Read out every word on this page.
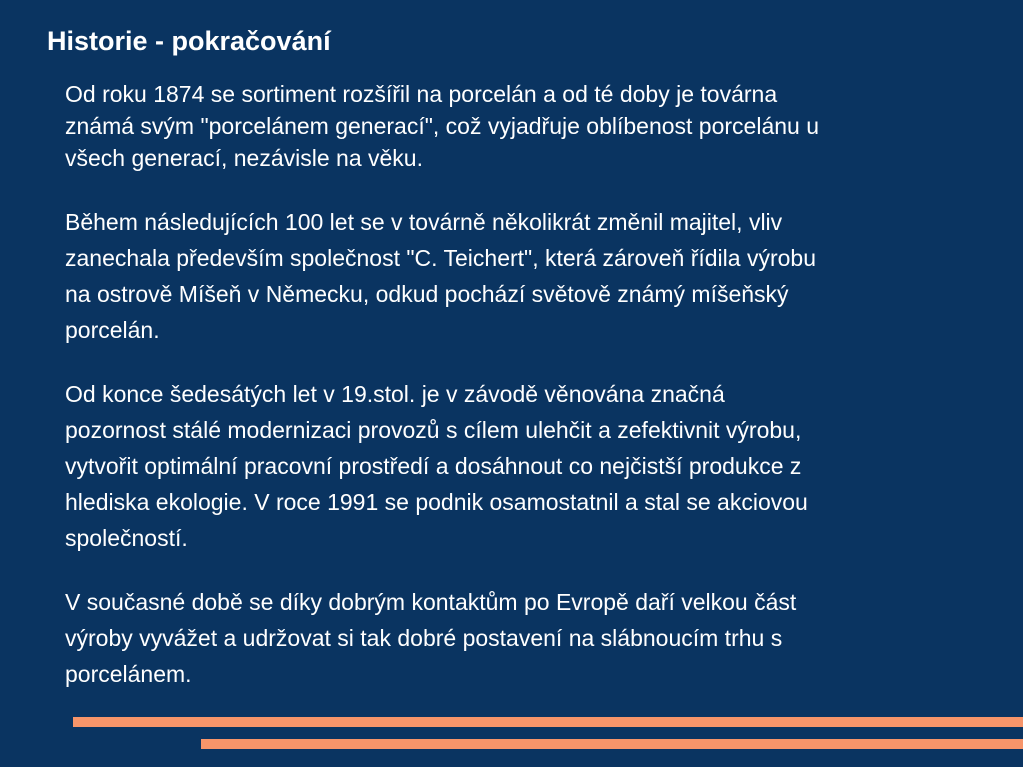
Historie - pokračování

Od roku 1874 se sortiment rozšířil na porcelán a od té doby je továrna
známá svým "porcelánem generací", což vyjadřuje oblíbenost porcelánu u
všech generací, nezávisle na věku.

Během následujících 100 let se v továrně několikrát změnil majitel, vliv
zanechala především společnost "C. Teichert", která zároveň řídila výrobu
na ostrově Míšeň v Německu, odkud pochází světově známý míšeňský
porcelán.

Od konce šedesátých let v 19.stol. je v závodě věnována značná
pozornost stálé modernizaci provozů s cílem ulehčit a zefektivnit výrobu,
vytvořit optimální pracovní prostředí a dosáhnout co nejčistší produkce z
hlediska ekologie. V roce 1991 se podnik osamostatnil a stal se akciovou
společností.

V současné době se díky dobrým kontaktům po Evropě daří velkou část
výroby vyvážet a udržovat si tak dobré postavení na slábnoucím trhu s
porcelánem.
